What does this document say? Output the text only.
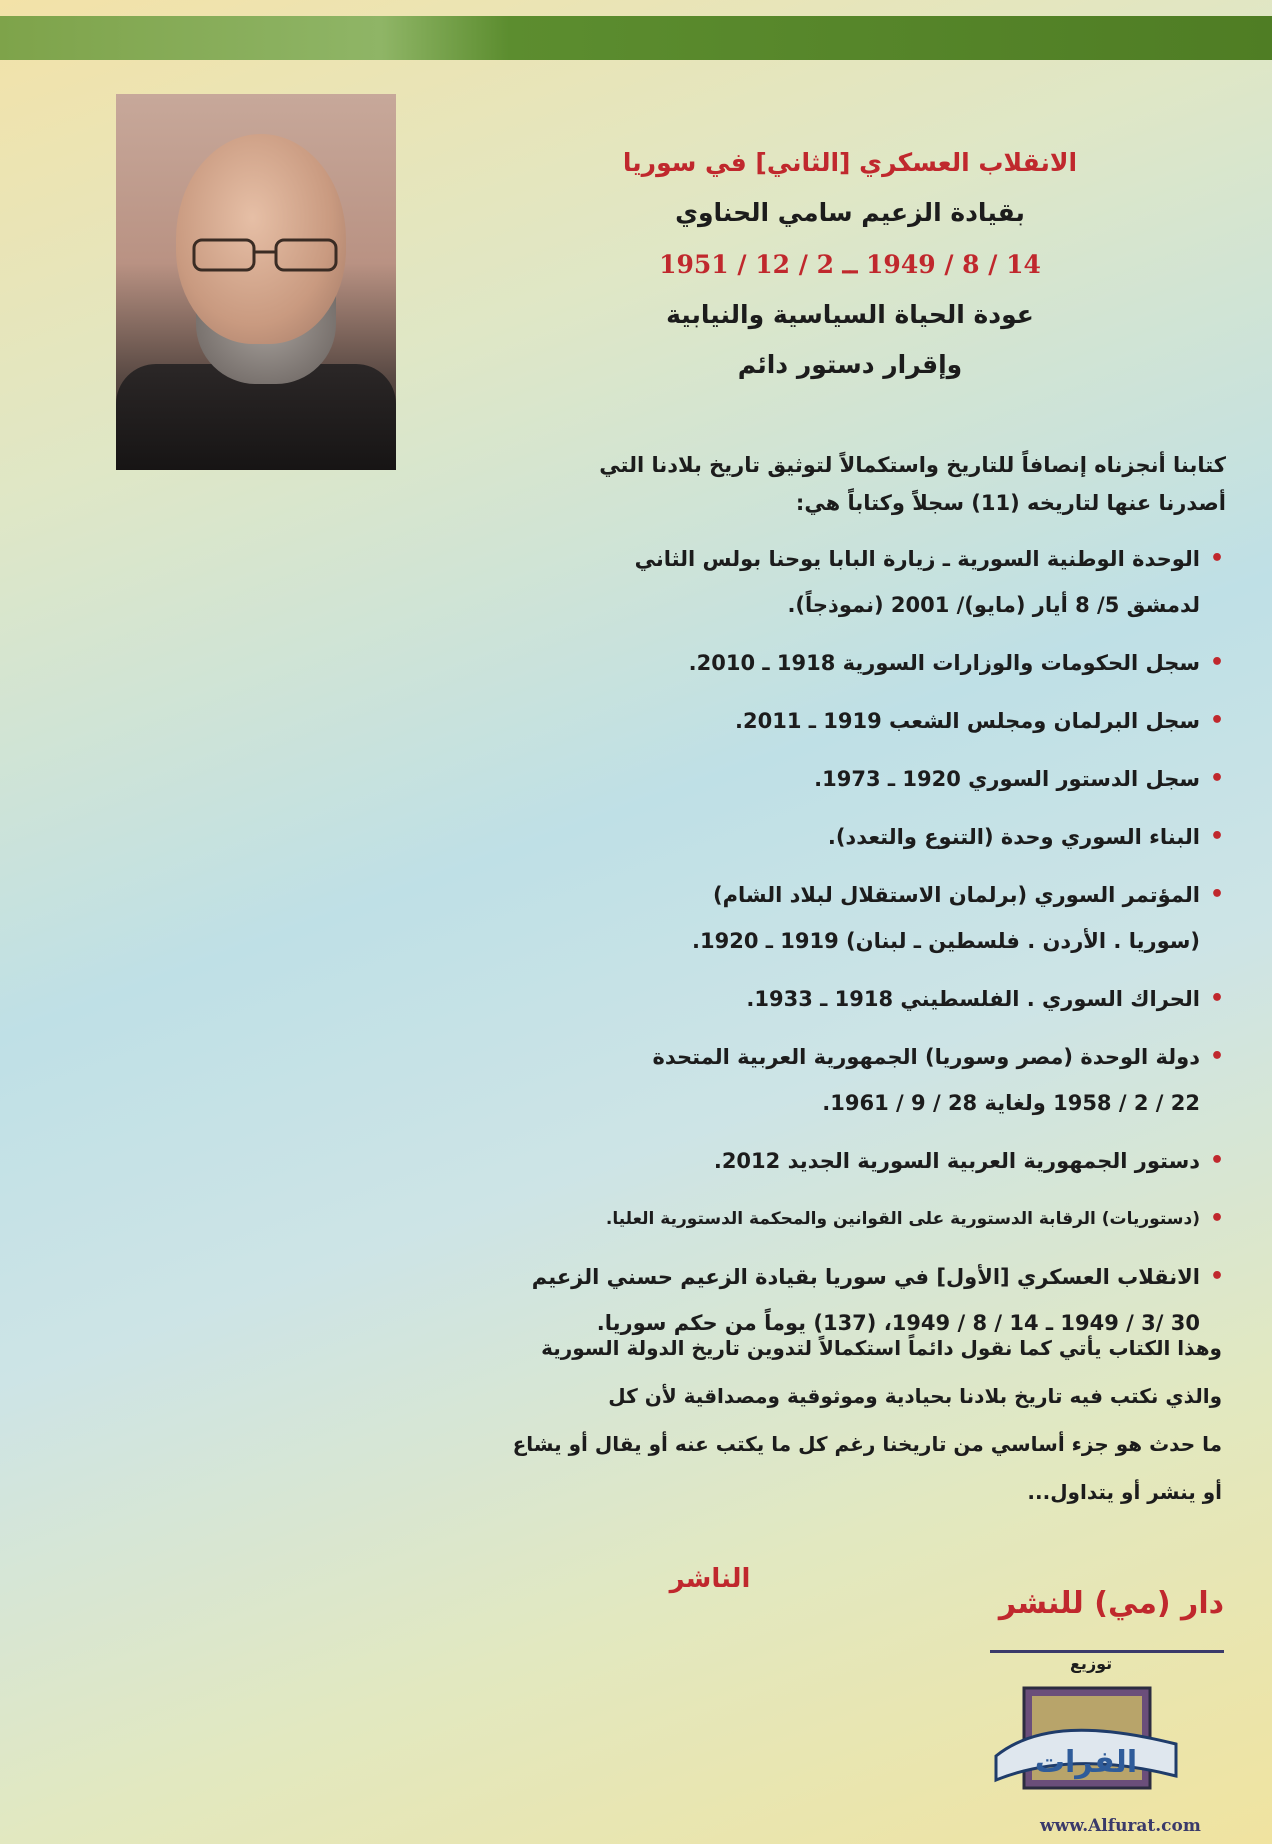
الانقلاب العسكري [الثاني] في سوريا
بقيادة الزعيم سامي الحناوي
14 / 8 / 1949 ــ 2 / 12 / 1951
عودة الحياة السياسية والنيابية
وإقرار دستور دائم

كتابنا أنجزناه إنصافاً للتاريخ واستكمالاً لتوثيق تاريخ بلادنا التي

أصدرنا عنها لتاريخه (11) سجلاً وكتاباً هي:

• الوحدة الوطنية السورية ـ زيارة البابا يوحنا بولس الثاني
لدمشق 5/ 8 أيار (مايو)/ 2001 (نموذجاً).
• سجل الحكومات والوزارات السورية 1918 ـ 2010.
• سجل البرلمان ومجلس الشعب 1919 ـ 2011.
• سجل الدستور السوري 1920 ـ 1973.
• البناء السوري وحدة (التنوع والتعدد).
• المؤتمر السوري (برلمان الاستقلال لبلاد الشام)
(سوريا . الأردن . فلسطين ـ لبنان) 1919 ـ 1920.
• الحراك السوري . الفلسطيني 1918 ـ 1933.
• دولة الوحدة (مصر وسوريا) الجمهورية العربية المتحدة
22 / 2 / 1958 ولغاية 28 / 9 / 1961.
• دستور الجمهورية العربية السورية الجديد 2012.
• (دستوريات) الرقابة الدستورية على القوانين والمحكمة الدستورية العليا.
• الانقلاب العسكري [الأول] في سوريا بقيادة الزعيم حسني الزعيم
30 /3 / 1949 ـ 14 / 8 / 1949، (137) يوماً من حكم سوريا.

وهذا الكتاب يأتي كما نقول دائماً استكمالاً لتدوين تاريخ الدولة السورية

والذي نكتب فيه تاريخ بلادنا بحيادية وموثوقية ومصداقية لأن كل

ما حدث هو جزء أساسي من تاريخنا رغم كل ما يكتب عنه أو يقال أو يشاع

أو ينشر أو يتداول...

الناشر

دار (مي) للنشر

توزيع
الفرات
www.Alfurat.com
